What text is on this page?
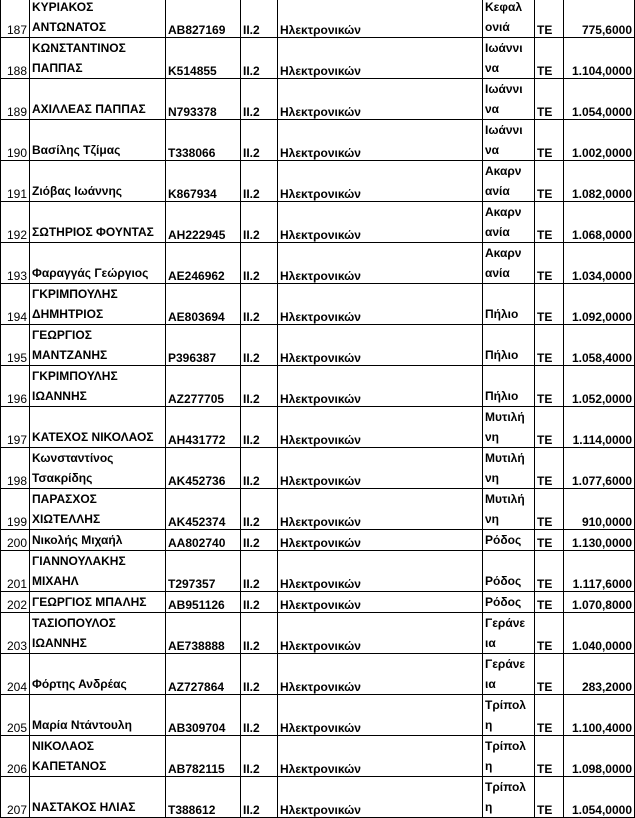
187	ΚΥΡΙΑΚΟΣ
ΑΝΤΩΝΑΤΟΣ	AB827169	II.2	Ηλεκτρονικών	Κεφαλ
ονιά	ΤΕ	775,6000

188	ΚΩΝΣΤΑΝΤΙΝΟΣ
ΠΑΠΠΑΣ	K514855	II.2	Ηλεκτρονικών	Ιωάννι
να	ΤΕ	1.104,0000

189	ΑΧΙΛΛΕΑΣ ΠΑΠΠΑΣ	N793378	II.2	Ηλεκτρονικών	Ιωάννι
να	ΤΕ	1.054,0000

190	Βασίλης Τζίμας	T338066	II.2	Ηλεκτρονικών	Ιωάννι
να	ΤΕ	1.002,0000

191	Ζιόβας Ιωάννης	K867934	II.2	Ηλεκτρονικών	Ακαρν
ανία	ΤΕ	1.082,0000

192	ΣΩΤΗΡΙΟΣ ΦΟΥΝΤΑΣ	AH222945	II.2	Ηλεκτρονικών	Ακαρν
ανία	ΤΕ	1.068,0000

193	Φαραγγάς Γεώργιος	AE246962	II.2	Ηλεκτρονικών	Ακαρν
ανία	ΤΕ	1.034,0000

194	ΓΚΡΙΜΠΟΥΛΗΣ
ΔΗΜΗΤΡΙΟΣ	AE803694	II.2	Ηλεκτρονικών	Πήλιο	ΤΕ	1.092,0000

195	ΓΕΩΡΓΙΟΣ
ΜΑΝΤΖΑΝΗΣ	P396387	II.2	Ηλεκτρονικών	Πήλιο	ΤΕ	1.058,4000

196	ΓΚΡΙΜΠΟΥΛΗΣ
ΙΩΑΝΝΗΣ	AZ277705	II.2	Ηλεκτρονικών	Πήλιο	ΤΕ	1.052,0000

197	ΚΑΤΕΧΟΣ ΝΙΚΟΛΑΟΣ	AH431772	II.2	Ηλεκτρονικών	Μυτιλή
νη	ΤΕ	1.114,0000

198	Κωνσταντίνος
Τσακρίδης	AK452736	II.2	Ηλεκτρονικών	Μυτιλή
νη	ΤΕ	1.077,6000

199	ΠΑΡΑΣΧΟΣ
ΧΙΩΤΕΛΛΗΣ	AK452374	II.2	Ηλεκτρονικών	Μυτιλή
νη	ΤΕ	910,0000

200	Νικολής Μιχαήλ	AA802740	II.2	Ηλεκτρονικών	Ρόδος	ΤΕ	1.130,0000

201	ΓΙΑΝΝΟΥΛΑΚΗΣ
ΜΙΧΑΗΛ	T297357	II.2	Ηλεκτρονικών	Ρόδος	ΤΕ	1.117,6000

202	ΓΕΩΡΓΙΟΣ ΜΠΑΛΗΣ	AB951126	II.2	Ηλεκτρονικών	Ρόδος	ΤΕ	1.070,8000

203	ΤΑΣΙΟΠΟΥΛΟΣ
ΙΩΑΝΝΗΣ	AE738888	II.2	Ηλεκτρονικών	Γεράνε
ια	ΤΕ	1.040,0000

204	Φόρτης Ανδρέας	AZ727864	II.2	Ηλεκτρονικών	Γεράνε
ια	ΤΕ	283,2000

205	Μαρία Ντάντουλη	AB309704	II.2	Ηλεκτρονικών	Τρίπολ
η	ΤΕ	1.100,4000

206	ΝΙΚΟΛΑΟΣ
ΚΑΠΕΤΑΝΟΣ	AB782115	II.2	Ηλεκτρονικών	Τρίπολ
η	ΤΕ	1.098,0000

207	ΝΑΣΤΑΚΟΣ ΗΛΙΑΣ	T388612	II.2	Ηλεκτρονικών	Τρίπολ
η	ΤΕ	1.054,0000
